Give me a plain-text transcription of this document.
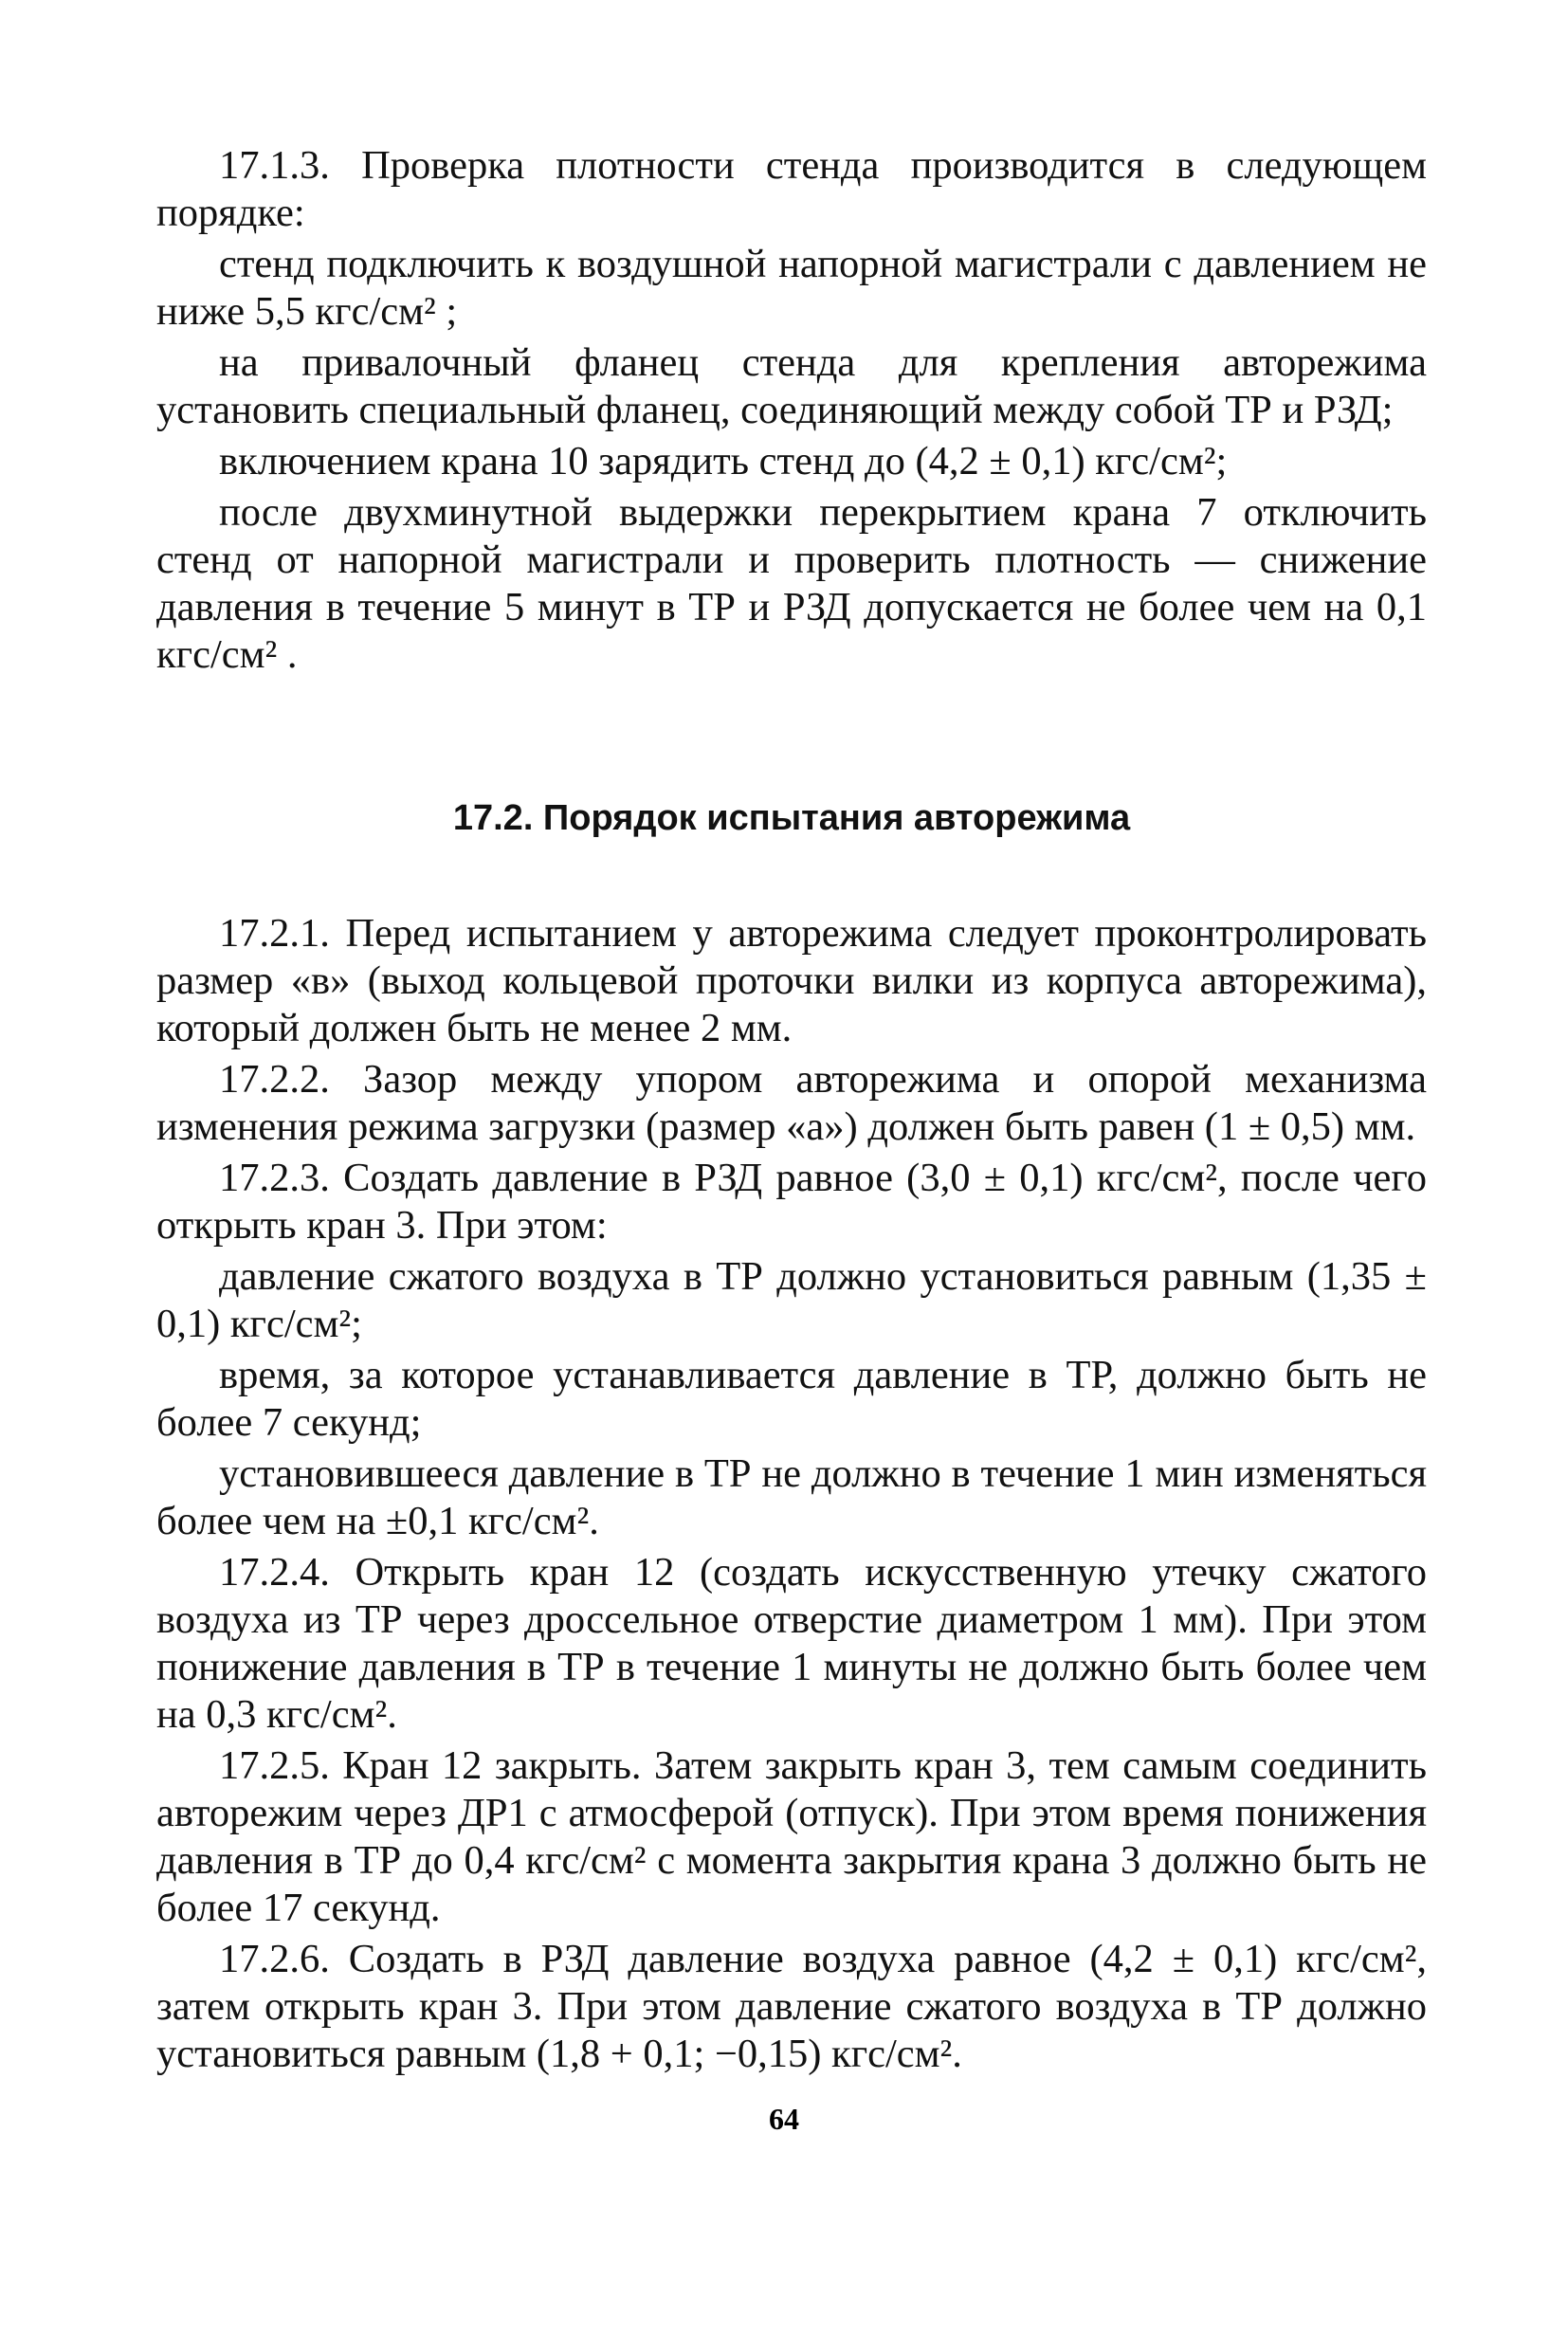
17.1.3. Проверка плотности стенда производится в следующем порядке:

стенд подключить к воздушной напорной магистрали с давлением не ниже 5,5 кгс/см² ;

на привалочный фланец стенда для крепления авторежима установить специальный фланец, соединяющий между собой ТР и РЗД;

включением крана 10 зарядить стенд до (4,2 ± 0,1) кгс/см²;

после двухминутной выдержки перекрытием крана 7 отключить стенд от напорной магистрали и проверить плотность — снижение давления в течение 5 минут в ТР и РЗД допускается не более чем на 0,1 кгс/см² .

17.2. Порядок испытания авторежима

17.2.1. Перед испытанием у авторежима следует проконтролировать размер «в» (выход кольцевой проточки вилки из корпуса авторежима), который должен быть не менее 2 мм.

17.2.2. Зазор между упором авторежима и опорой механизма изменения режима загрузки (размер «а») должен быть равен (1 ± 0,5) мм.

17.2.3. Создать давление в РЗД равное (3,0 ± 0,1) кгс/см², после чего открыть кран 3. При этом:

давление сжатого воздуха в ТР должно установиться равным (1,35 ± 0,1) кгс/см²;

время, за которое устанавливается давление в ТР, должно быть не более 7 секунд;

установившееся давление в ТР не должно в течение 1 мин изменяться более чем на ±0,1 кгс/см².

17.2.4. Открыть кран 12 (создать искусственную утечку сжатого воздуха из ТР через дроссельное отверстие диаметром 1 мм). При этом понижение давления в ТР в течение 1 минуты не должно быть более чем на 0,3 кгс/см².

17.2.5. Кран 12 закрыть. Затем закрыть кран 3, тем самым соединить авторежим через ДР1 с атмосферой (отпуск). При этом время понижения давления в ТР до 0,4 кгс/см² с момента закрытия крана 3 должно быть не более 17 секунд.

17.2.6. Создать в РЗД давление воздуха равное (4,2 ± 0,1) кгс/см², затем открыть кран 3. При этом давление сжатого воздуха в ТР должно установиться равным (1,8 + 0,1; −0,15) кгс/см².

64
